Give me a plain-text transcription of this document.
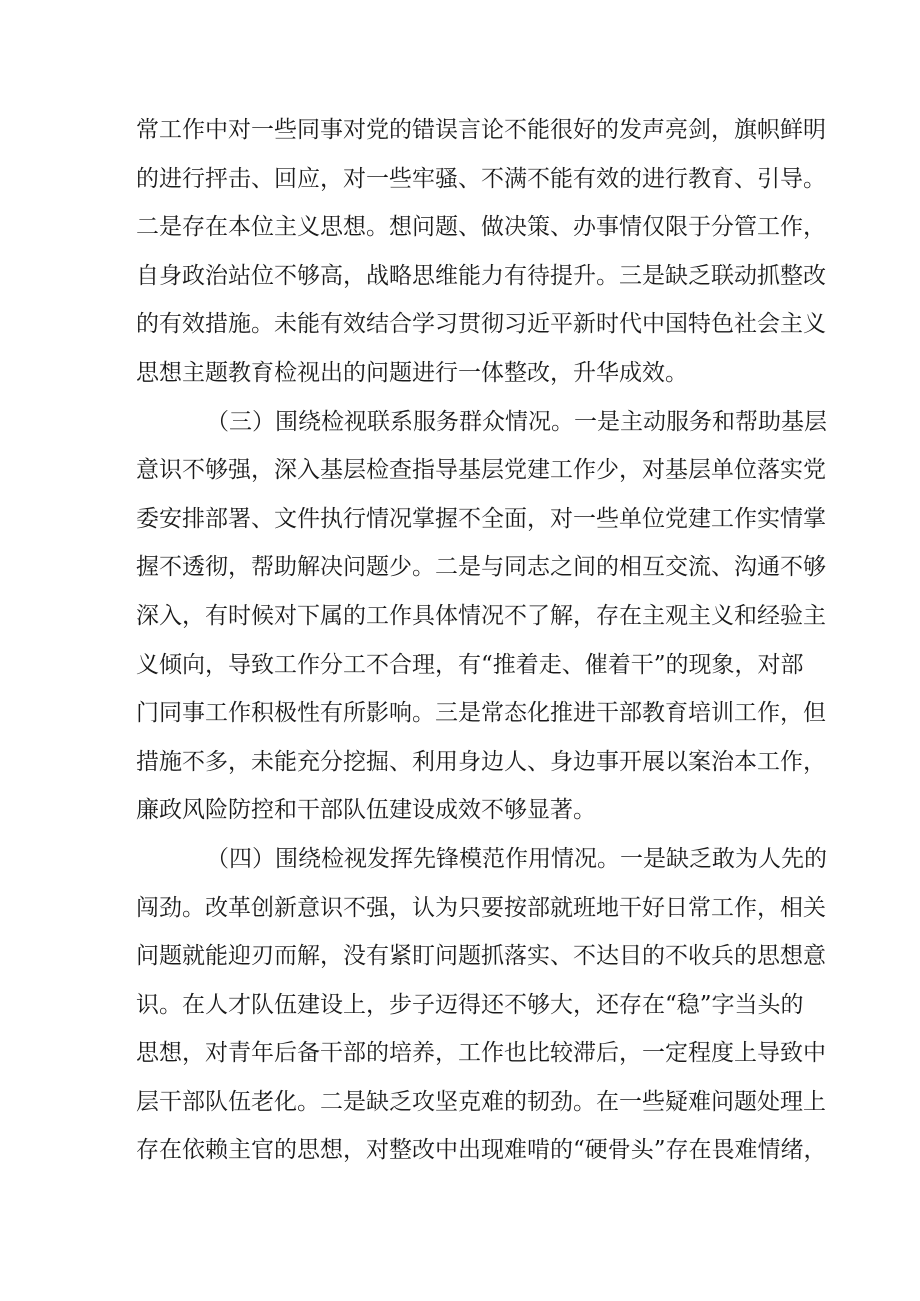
常工作中对一些同事对党的错误言论不能很好的发声亮剑，旗帜鲜明
的进行抨击、回应，对一些牢骚、不满不能有效的进行教育、引导。
二是存在本位主义思想。想问题、做决策、办事情仅限于分管工作，
自身政治站位不够高，战略思维能力有待提升。三是缺乏联动抓整改
的有效措施。未能有效结合学习贯彻习近平新时代中国特色社会主义
思想主题教育检视出的问题进行一体整改，升华成效。
（三）围绕检视联系服务群众情况。一是主动服务和帮助基层
意识不够强，深入基层检查指导基层党建工作少，对基层单位落实党
委安排部署、文件执行情况掌握不全面，对一些单位党建工作实情掌
握不透彻，帮助解决问题少。二是与同志之间的相互交流、沟通不够
深入，有时候对下属的工作具体情况不了解，存在主观主义和经验主
义倾向，导致工作分工不合理，有“推着走、催着干”的现象，对部
门同事工作积极性有所影响。三是常态化推进干部教育培训工作，但
措施不多，未能充分挖掘、利用身边人、身边事开展以案治本工作，
廉政风险防控和干部队伍建设成效不够显著。
（四）围绕检视发挥先锋模范作用情况。一是缺乏敢为人先的
闯劲。改革创新意识不强，认为只要按部就班地干好日常工作，相关
问题就能迎刃而解，没有紧盯问题抓落实、不达目的不收兵的思想意
识。在人才队伍建设上，步子迈得还不够大，还存在“稳”字当头的
思想，对青年后备干部的培养，工作也比较滞后，一定程度上导致中
层干部队伍老化。二是缺乏攻坚克难的韧劲。在一些疑难问题处理上
存在依赖主官的思想，对整改中出现难啃的“硬骨头”存在畏难情绪，
